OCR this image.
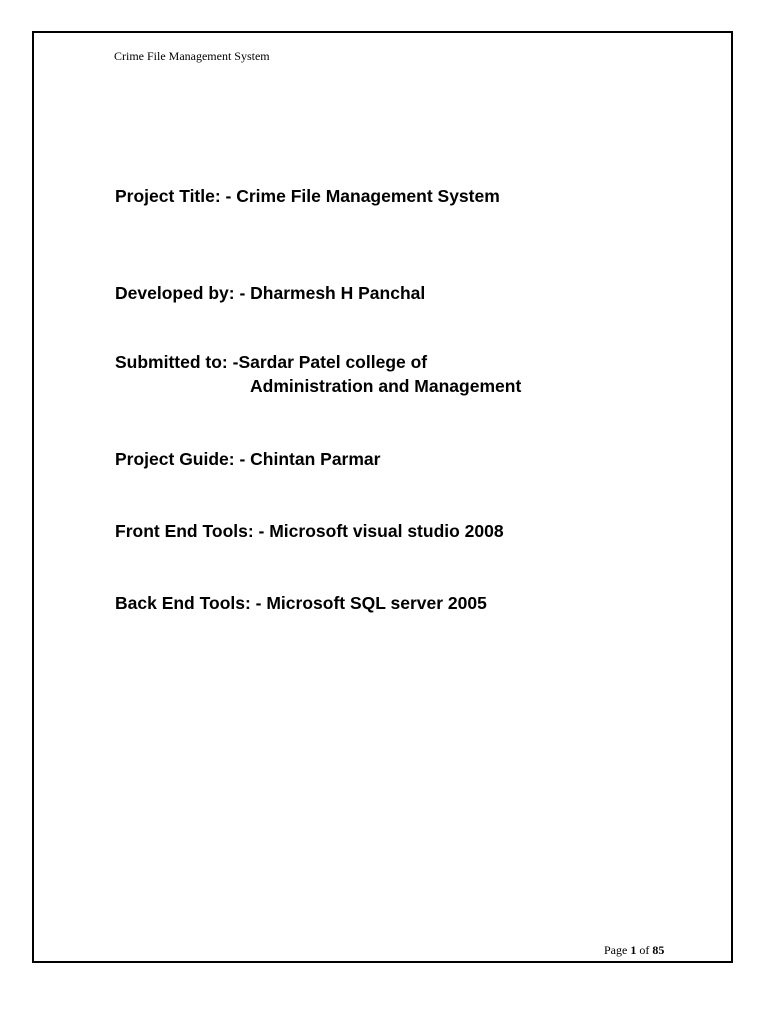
Crime File Management System
Project Title: - Crime File Management System
Developed by: - Dharmesh H Panchal
Submitted to: -Sardar Patel college of
Administration and Management
Project Guide: - Chintan Parmar
Front End Tools: - Microsoft visual studio 2008
Back End Tools: - Microsoft SQL server 2005
Page 1 of 85
